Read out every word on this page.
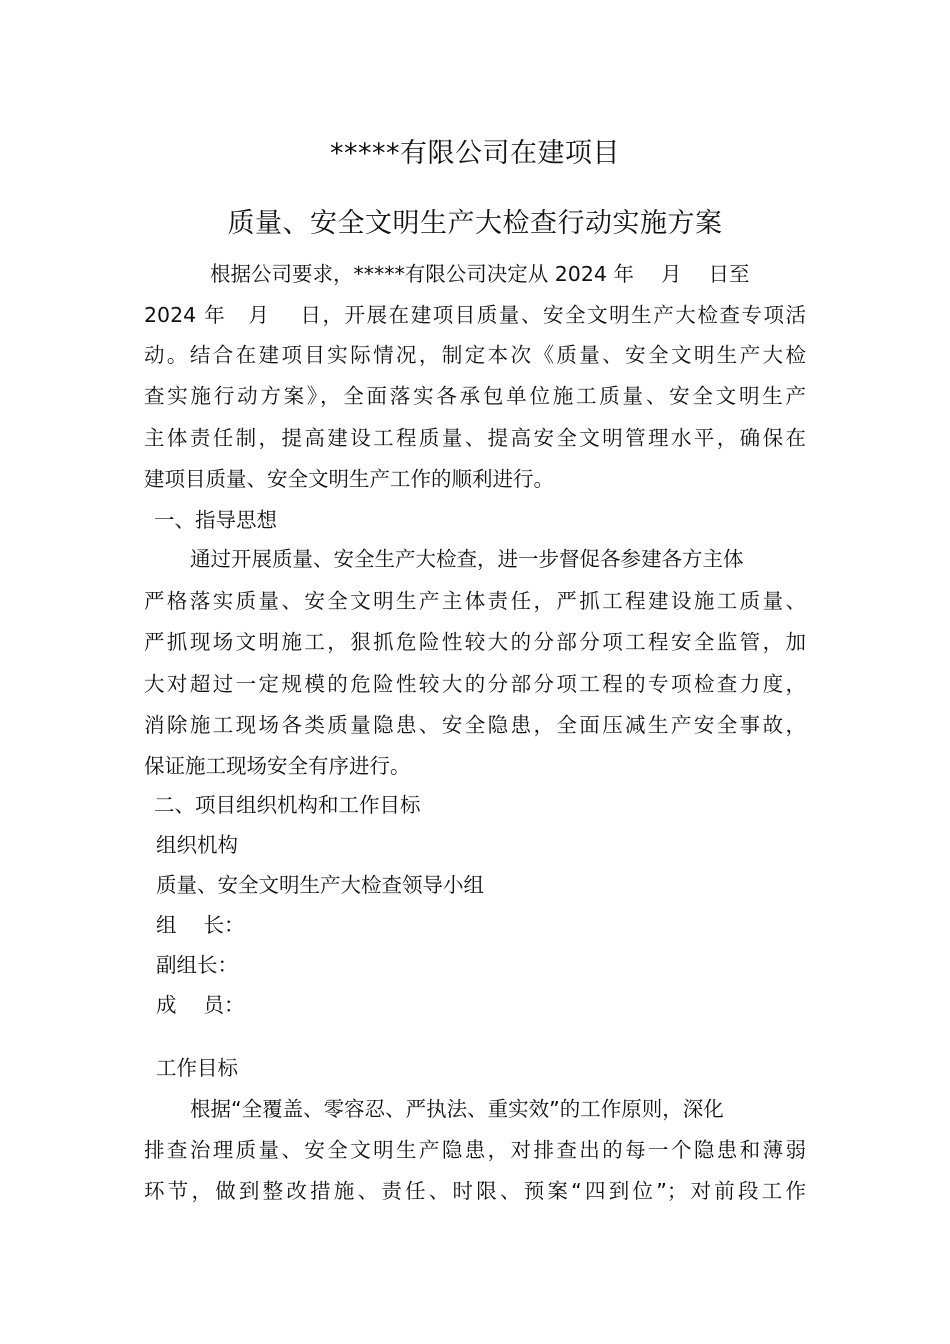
*****有限公司在建项目
质量、安全文明生产大检查行动实施方案
根据公司要求，*****有限公司决定从 2024 年　 月　 日至
2024 年　月　 日，开展在建项目质量、安全文明生产大检查专项活
动。结合在建项目实际情况，制定本次《质量、安全文明生产大检
查实施行动方案》，全面落实各承包单位施工质量、安全文明生产
主体责任制，提高建设工程质量、提高安全文明管理水平，确保在
建项目质量、安全文明生产工作的顺利进行。
一、指导思想
通过开展质量、安全生产大检查，进一步督促各参建各方主体
严格落实质量、安全文明生产主体责任，严抓工程建设施工质量、
严抓现场文明施工，狠抓危险性较大的分部分项工程安全监管，加
大对超过一定规模的危险性较大的分部分项工程的专项检查力度，
消除施工现场各类质量隐患、安全隐患，全面压减生产安全事故，
保证施工现场安全有序进行。
二、项目组织机构和工作目标
组织机构
质量、安全文明生产大检查领导小组
组　 长：
副组长：
成　 员：
工作目标
根据“全覆盖、零容忍、严执法、重实效”的工作原则，深化
排查治理质量、安全文明生产隐患，对排查出的每一个隐患和薄弱
环节，做到整改措施、责任、时限、预案“四到位”；对前段工作
